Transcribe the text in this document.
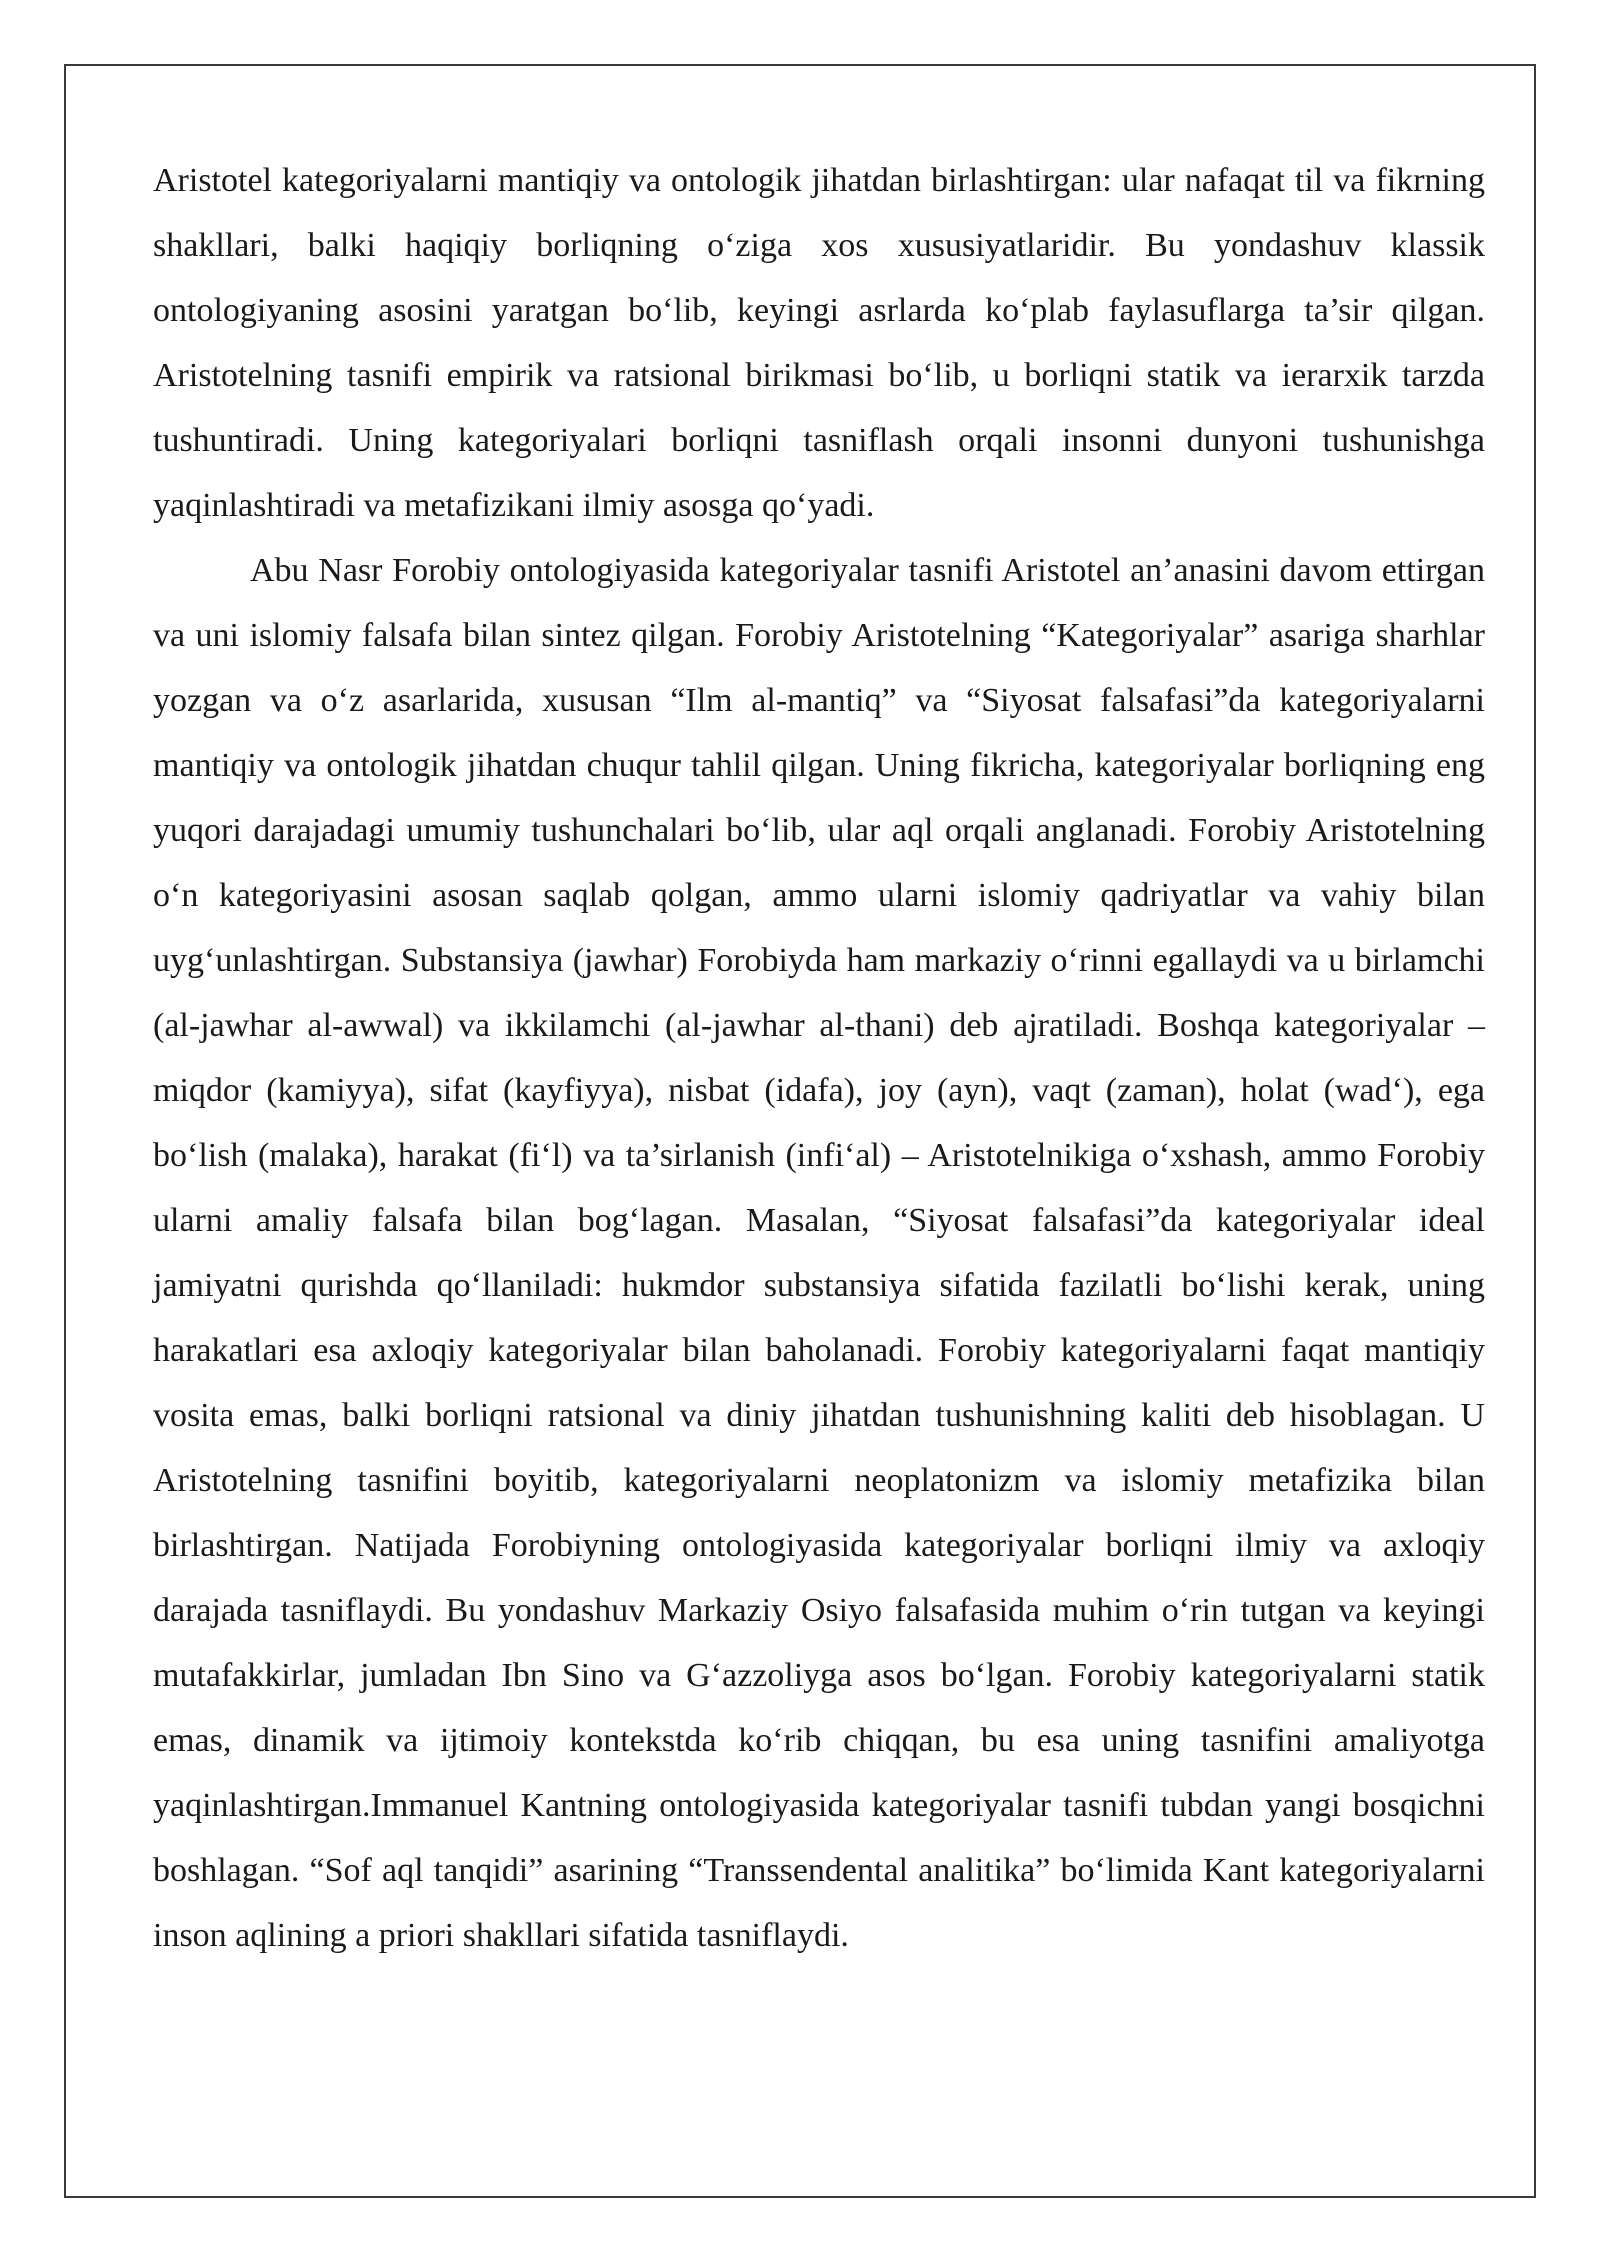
Aristotel kategoriyalarni mantiqiy va ontologik jihatdan birlashtirgan: ular nafaqat til va fikrning shakllari, balki haqiqiy borliqning o‘ziga xos xususiyatlaridir. Bu yondashuv klassik ontologiyaning asosini yaratgan bo‘lib, keyingi asrlarda ko‘plab faylasuflarga ta’sir qilgan. Aristotelning tasnifi empirik va ratsional birikmasi bo‘lib, u borliqni statik va ierarxik tarzda tushuntiradi. Uning kategoriyalari borliqni tasniflash orqali insonni dunyoni tushunishga yaqinlashtiradi va metafizikani ilmiy asosga qo‘yadi.

Abu Nasr Forobiy ontologiyasida kategoriyalar tasnifi Aristotel an’anasini davom ettirgan va uni islomiy falsafa bilan sintez qilgan. Forobiy Aristotelning “Kategoriyalar” asariga sharhlar yozgan va o‘z asarlarida, xususan “Ilm al-mantiq” va “Siyosat falsafasi”da kategoriyalarni mantiqiy va ontologik jihatdan chuqur tahlil qilgan. Uning fikricha, kategoriyalar borliqning eng yuqori darajadagi umumiy tushunchalari bo‘lib, ular aql orqali anglanadi. Forobiy Aristotelning o‘n kategoriyasini asosan saqlab qolgan, ammo ularni islomiy qadriyatlar va vahiy bilan uyg‘unlashtirgan. Substansiya (jawhar) Forobiyda ham markaziy o‘rinni egallaydi va u birlamchi (al-jawhar al-awwal) va ikkilamchi (al-jawhar al-thani) deb ajratiladi. Boshqa kategoriyalar – miqdor (kamiyya), sifat (kayfiyya), nisbat (idafa), joy (ayn), vaqt (zaman), holat (wad‘), ega bo‘lish (malaka), harakat (fi‘l) va ta’sirlanish (infi‘al) – Aristotelnikiga o‘xshash, ammo Forobiy ularni amaliy falsafa bilan bog‘lagan. Masalan, “Siyosat falsafasi”da kategoriyalar ideal jamiyatni qurishda qo‘llaniladi: hukmdor substansiya sifatida fazilatli bo‘lishi kerak, uning harakatlari esa axloqiy kategoriyalar bilan baholanadi. Forobiy kategoriyalarni faqat mantiqiy vosita emas, balki borliqni ratsional va diniy jihatdan tushunishning kaliti deb hisoblagan. U Aristotelning tasnifini boyitib, kategoriyalarni neoplatonizm va islomiy metafizika bilan birlashtirgan. Natijada Forobiyning ontologiyasida kategoriyalar borliqni ilmiy va axloqiy darajada tasniflaydi. Bu yondashuv Markaziy Osiyo falsafasida muhim o‘rin tutgan va keyingi mutafakkirlar, jumladan Ibn Sino va G‘azzoliyga asos bo‘lgan. Forobiy kategoriyalarni statik emas, dinamik va ijtimoiy kontekstda ko‘rib chiqqan, bu esa uning tasnifini amaliyotga yaqinlashtirgan.Immanuel Kantning ontologiyasida kategoriyalar tasnifi tubdan yangi bosqichni boshlagan. “Sof aql tanqidi” asarining “Transsendental analitika” bo‘limida Kant kategoriyalarni inson aqlining a priori shakllari sifatida tasniflaydi.
